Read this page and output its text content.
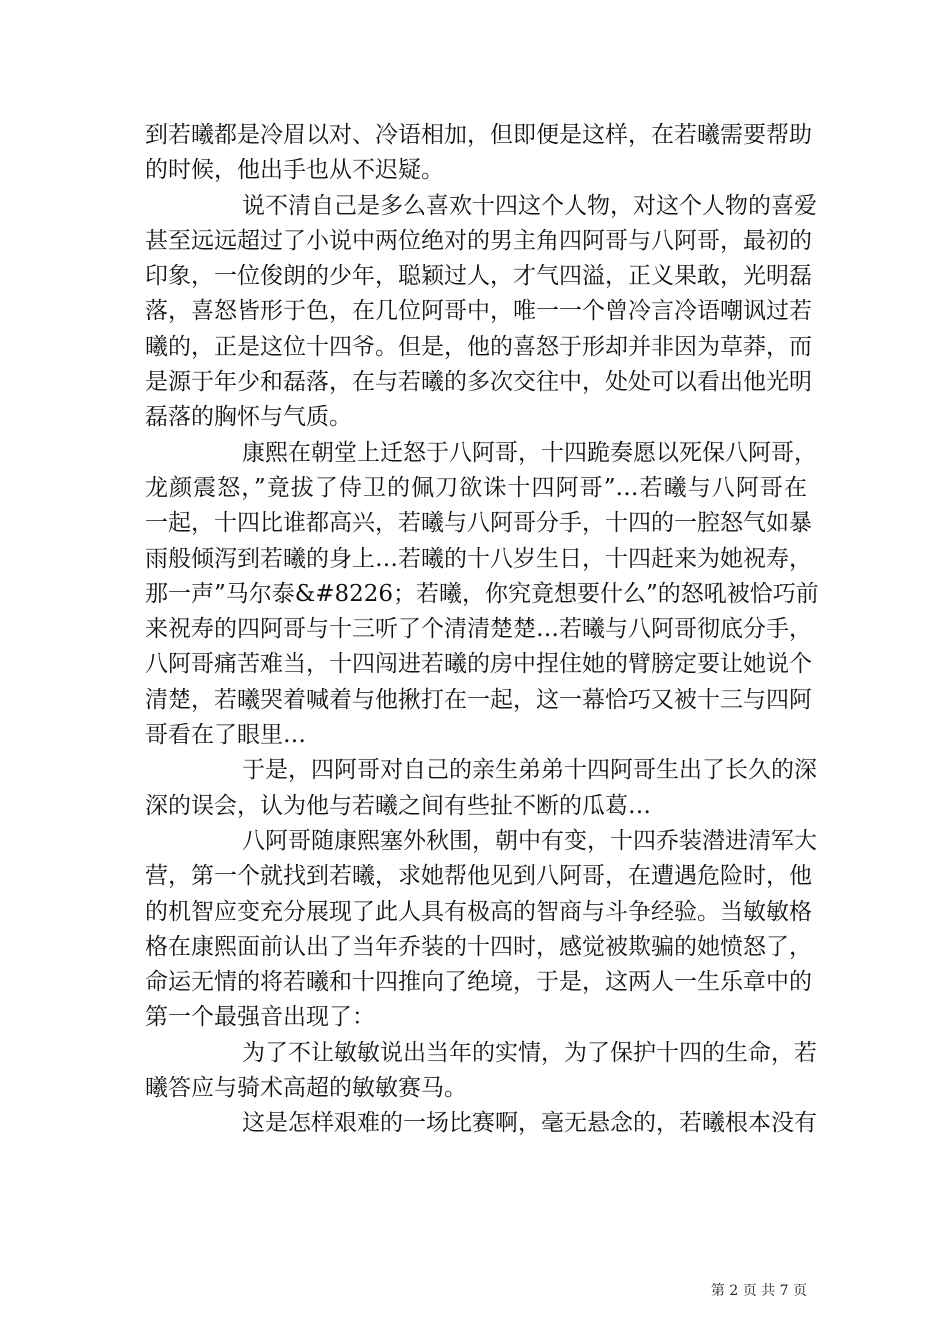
到若曦都是冷眉以对、冷语相加，但即便是这样，在若曦需要帮助
的时候，他出手也从不迟疑。
说不清自己是多么喜欢十四这个人物，对这个人物的喜爱
甚至远远超过了小说中两位绝对的男主角四阿哥与八阿哥，最初的
印象，一位俊朗的少年，聪颖过人，才气四溢，正义果敢，光明磊
落，喜怒皆形于色，在几位阿哥中，唯一一个曾冷言冷语嘲讽过若
曦的，正是这位十四爷。但是，他的喜怒于形却并非因为草莽，而
是源于年少和磊落，在与若曦的多次交往中，处处可以看出他光明
磊落的胸怀与气质。
康熙在朝堂上迁怒于八阿哥，十四跪奏愿以死保八阿哥，
龙颜震怒，”竟拔了侍卫的佩刀欲诛十四阿哥”…若曦与八阿哥在
一起，十四比谁都高兴，若曦与八阿哥分手，十四的一腔怒气如暴
雨般倾泻到若曦的身上…若曦的十八岁生日，十四赶来为她祝寿，
那一声”马尔泰&#8226；若曦，你究竟想要什么”的怒吼被恰巧前
来祝寿的四阿哥与十三听了个清清楚楚…若曦与八阿哥彻底分手，
八阿哥痛苦难当，十四闯进若曦的房中捏住她的臂膀定要让她说个
清楚，若曦哭着喊着与他揪打在一起，这一幕恰巧又被十三与四阿
哥看在了眼里…
于是，四阿哥对自己的亲生弟弟十四阿哥生出了长久的深
深的误会，认为他与若曦之间有些扯不断的瓜葛…
八阿哥随康熙塞外秋围，朝中有变，十四乔装潜进清军大
营，第一个就找到若曦，求她帮他见到八阿哥，在遭遇危险时，他
的机智应变充分展现了此人具有极高的智商与斗争经验。当敏敏格
格在康熙面前认出了当年乔装的十四时，感觉被欺骗的她愤怒了，
命运无情的将若曦和十四推向了绝境，于是，这两人一生乐章中的
第一个最强音出现了：
为了不让敏敏说出当年的实情，为了保护十四的生命，若
曦答应与骑术高超的敏敏赛马。
这是怎样艰难的一场比赛啊，毫无悬念的，若曦根本没有
第 2 页 共 7 页
